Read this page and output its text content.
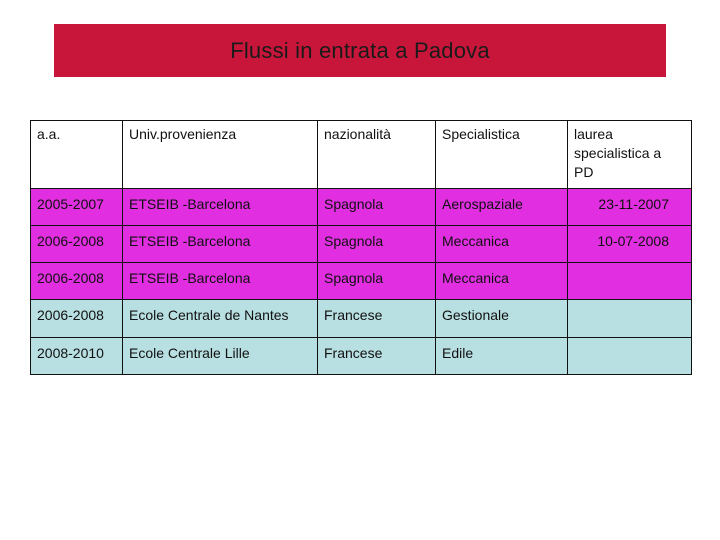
Flussi in entrata a Padova
a.a.	Univ.provenienza	nazionalità	Specialistica	laurea specialistica a PD
2005-2007	ETSEIB -Barcelona	Spagnola	Aerospaziale	23-11-2007
2006-2008	ETSEIB -Barcelona	Spagnola	Meccanica	10-07-2008
2006-2008	ETSEIB -Barcelona	Spagnola	Meccanica	
2006-2008	Ecole Centrale de Nantes	Francese	Gestionale	
2008-2010	Ecole Centrale Lille	Francese	Edile	
